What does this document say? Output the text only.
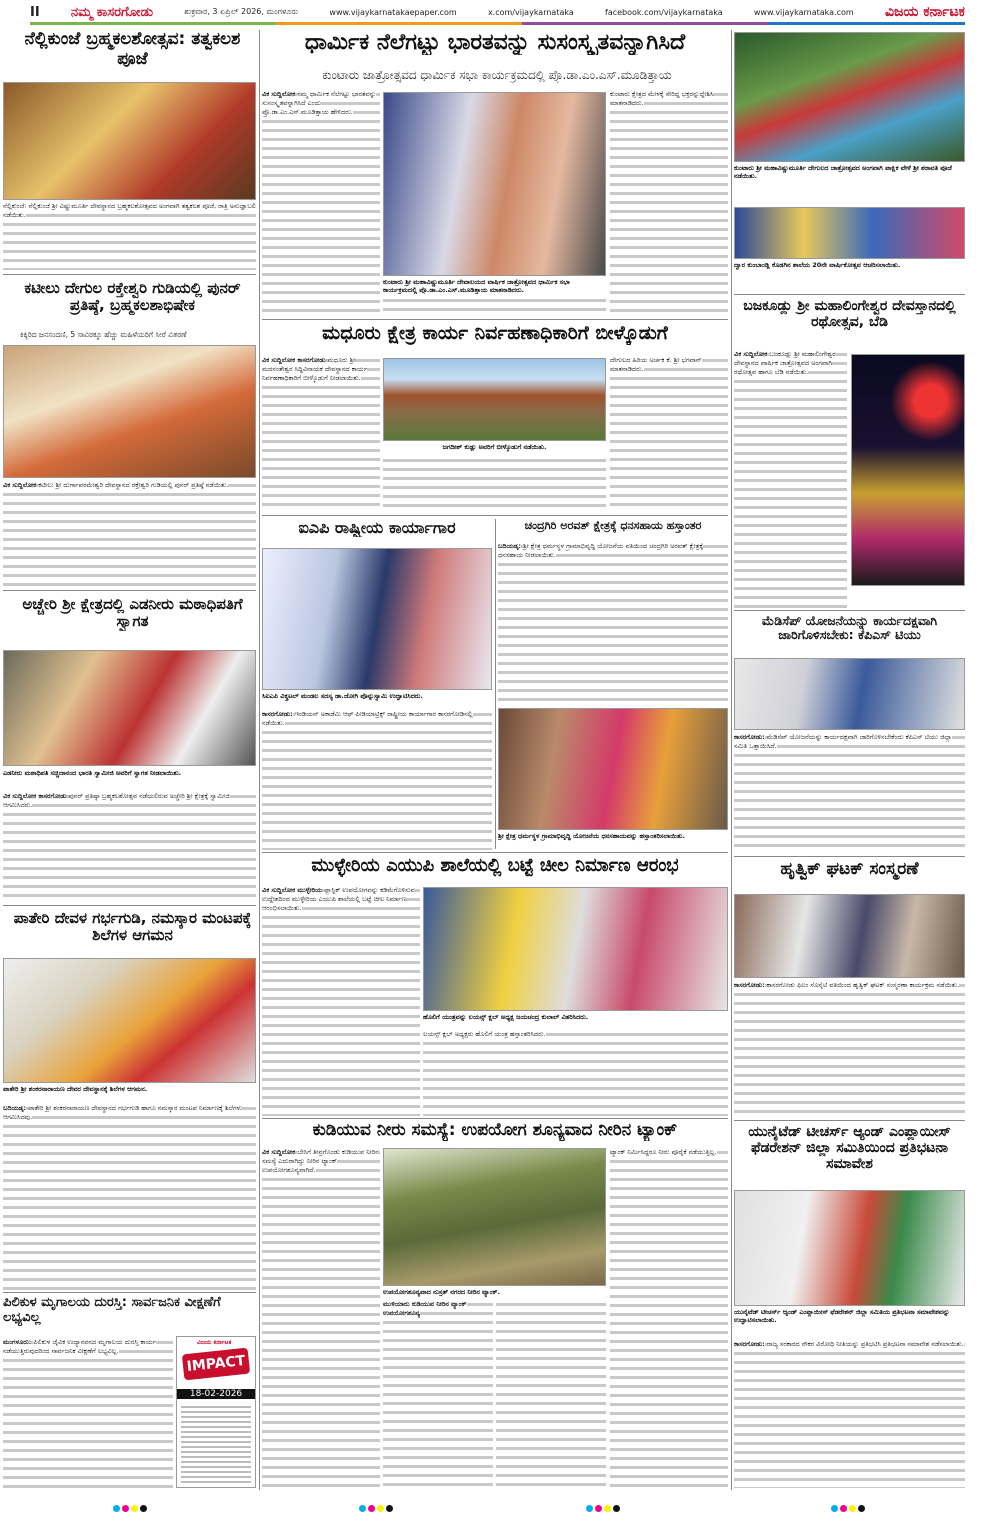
II ನಮ್ಮ ಕಾಸರಗೋಡು	ಶುಕ್ರವಾರ, 3 ಏಪ್ರಿಲ್ 2026, ಮಂಗಳೂರು	www.vijaykarnatakaepaper.com	x.com/vijaykarnataka	facebook.com/vijaykarnataka	www.vijaykarnataka.com ವಿಜಯ ಕರ್ನಾಟಕ
ನೆಲ್ಲಿಕುಂಜೆ ಬ್ರಹ್ಮಕಲಶೋತ್ಸವ: ತತ್ವಕಲಶ ಪೂಜೆ
ನೆಲ್ಲಿಕುಂಜೆ: ನೆಲ್ಲಿಕುಂಜೆ ಶ್ರೀ ವಿಷ್ಣುಮೂರ್ತಿ ದೇವಸ್ಥಾನದ ಬ್ರಹ್ಮಕಲಶೋತ್ಸವದ ಅಂಗವಾಗಿ ತತ್ವಕಲಶ ಪೂಜೆ, ರಾತ್ರಿ ಅನುಜ್ಞಾಬಲಿ ನಡೆಯಿತು.
ಕಟೀಲು ದೇಗುಲ ರಕ್ತೇಶ್ವರಿ ಗುಡಿಯಲ್ಲಿ ಪುನರ್ ಪ್ರತಿಷ್ಠೆ, ಬ್ರಹ್ಮಕಲಶಾಭಿಷೇಕ
ಕಿಕ್ಕಿರಿದ ಜನಸಂದಣಿ, 5 ಸಾವಿರಕ್ಕೂ ಹೆಚ್ಚು ಮಹಿಳೆಯರಿಗೆ ಸೀರೆ ವಿತರಣೆ
ವಿಕ ಸುದ್ದಿಲೋಕ ಕಟೀಲು ಶ್ರೀ ದುರ್ಗಾಪರಮೇಶ್ವರಿ ದೇವಸ್ಥಾನದ ರಕ್ತೇಶ್ವರಿ ಗುಡಿಯಲ್ಲಿ ಪುನರ್ ಪ್ರತಿಷ್ಠೆ ನಡೆಯಿತು.
ಅಚ್ಚೇರಿ ಶ್ರೀ ಕ್ಷೇತ್ರದಲ್ಲಿ ಎಡನೀರು ಮಠಾಧಿಪತಿಗೆ ಸ್ವಾಗತ
ಎಡನೀರು ಮಠಾಧಿಪತಿ ಸಚ್ಚಿದಾನಂದ ಭಾರತಿ ಸ್ವಾಮೀಜಿ ಅವರಿಗೆ ಸ್ವಾಗತ ನೀಡಲಾಯಿತು.
ವಿಕ ಸುದ್ದಿಲೋಕ ಕಾಸರಗೋಡು ಪುನರ್ ಪ್ರತಿಷ್ಠಾ ಬ್ರಹ್ಮಕಲಶೋತ್ಸವ ನಡೆಯಲಿರುವ ಅಚ್ಚೇರಿ ಶ್ರೀ ಕ್ಷೇತ್ರಕ್ಕೆ ಸ್ವಾಮೀಜಿ ಆಗಮಿಸಿದರು.
ಪಾತೇರಿ ದೇವಳ ಗರ್ಭಗುಡಿ, ನಮಸ್ಕಾರ ಮಂಟಪಕ್ಕೆ ಶಿಲೆಗಳ ಆಗಮನ
ಪಾತೇರಿ ಶ್ರೀ ಶಂಕರನಾರಾಯಣ ದೇವರ ದೇವಸ್ಥಾನಕ್ಕೆ ಶಿಲೆಗಳ ಆಗಮನ.
ಬದಿಯಡ್ಕ: ಪಾತೇರಿ ಶ್ರೀ ಶಂಕರನಾರಾಯಣ ದೇವಸ್ಥಾನದ ಗರ್ಭಗುಡಿ ಹಾಗೂ ನಮಸ್ಕಾರ ಮಂಟಪ ನಿರ್ಮಾಣಕ್ಕೆ ಶಿಲೆಗಳು ಆಗಮಿಸಿದವು.
ಪಿಲಿಕುಳ ಮೃಗಾಲಯ ದುರಸ್ತಿ: ಸಾರ್ವಜನಿಕ ವೀಕ್ಷಣೆಗೆ ಲಭ್ಯವಿಲ್ಲ
ಮಂಗಳೂರು: ಪಿಲಿಕುಳ ಜೈವಿಕ ಉದ್ಯಾನವನದ ಮೃಗಾಲಯ ದುರಸ್ತಿ ಕಾರ್ಯ ನಡೆಯುತ್ತಿರುವುದರಿಂದ ಸಾರ್ವಜನಿಕ ವೀಕ್ಷಣೆಗೆ ಲಭ್ಯವಿಲ್ಲ.
ವಿಜಯ ಕರ್ನಾಟಕ
IMPACT
18-02-2026
ಧಾರ್ಮಿಕ ನೆಲೆಗಟ್ಟು ಭಾರತವನ್ನು ಸುಸಂಸ್ಕೃತವನ್ನಾಗಿಸಿದೆ
ಕುಂಟಾರು ಜಾತ್ರೋತ್ಸವದ ಧಾರ್ಮಿಕ ಸಭಾ ಕಾರ್ಯಕ್ರಮದಲ್ಲಿ ಪ್ರೊ.ಡಾ.ಎಂ.ಎಸ್.ಮೂಡಿತ್ತಾಯ
ವಿಕ ಸುದ್ದಿಲೋಕ ನಮ್ಮ ಧಾರ್ಮಿಕ ನೆಲೆಗಟ್ಟು ಭಾರತವನ್ನು ಸುಸಂಸ್ಕೃತವನ್ನಾಗಿಸಿದೆ ಎಂದು ಪ್ರೊ.ಡಾ.ಎಂ.ಎಸ್.ಮೂಡಿತ್ತಾಯ ಹೇಳಿದರು.
ಕುಂಟಾರು ಶ್ರೀ ಮಹಾವಿಷ್ಣುಮೂರ್ತಿ ದೇವಾಲಯದ ವಾರ್ಷಿಕ ಜಾತ್ರೋತ್ಸವದ ಧಾರ್ಮಿಕ ಸಭಾ ಕಾರ್ಯಕ್ರಮದಲ್ಲಿ ಪ್ರೊ.ಡಾ.ಎಂ.ಎಸ್.ಮೂಡಿತ್ತಾಯ ಮಾತನಾಡಿದರು.
ಕುಂಟಾರು ಕ್ಷೇತ್ರದ ಮೇಳಕ್ಕೆ ಸೇರಿದ್ದ ಭಕ್ತರನ್ನುದ್ದೇಶಿಸಿ ಮಾತನಾಡಿದರು.
ಮಧೂರು ಕ್ಷೇತ್ರ ಕಾರ್ಯ ನಿರ್ವಹಣಾಧಿಕಾರಿಗೆ ಬೀಳ್ಕೊಡುಗೆ
ವಿಕ ಸುದ್ದಿಲೋಕ ಕಾಸರಗೋಡು ಮಧೂರು ಶ್ರೀ ಮದನಂತೇಶ್ವರ ಸಿದ್ಧಿವಿನಾಯಕ ದೇವಸ್ಥಾನದ ಕಾರ್ಯ ನಿರ್ವಹಣಾಧಿಕಾರಿಗೆ ಬೀಳ್ಕೊಡುಗೆ ನೀಡಲಾಯಿತು.
ಜಗದೀಶ್ ಕುಡ್ಲು ಅವರಿಗೆ ಬೀಳ್ಕೊಡುಗೆ ನಡೆಯಿತು.
ದೇಗುಲದ ಹಿರಿಯ ಅರ್ಚಕ ಕೆ. ಶ್ರೀ ಭಗವಾನ್ ಮಾತನಾಡಿದರು.
ಐಎಪಿ ರಾಷ್ಟ್ರೀಯ ಕಾರ್ಯಾಗಾರ
ಸಿಐಎಪಿ ವಿಕ್ಕ್ರಟಲ್ ಮಂಡಲ ಸದಸ್ಯ ಡಾ.ಜೋಗಿ ಪೊನ್ನುಸ್ವಾಮಿ ಉದ್ಘಾಟಿಸಿದರು.
ಕಾಸರಗೋಡು: ಇಂಡಿಯನ್ ಅಕಾಡೆಮಿ ಆಫ್ ಪೀಡಿಯಾಟ್ರಿಕ್ಸ್ ರಾಷ್ಟ್ರೀಯ ಕಾರ್ಯಾಗಾರ ಕಾಸರಗೋಡಿನಲ್ಲಿ ನಡೆಯಿತು.
ಚಂದ್ರಗಿರಿ ಅರವತ್ ಕ್ಷೇತ್ರಕ್ಕೆ ಧನಸಹಾಯ ಹಸ್ತಾಂತರ
ಬದಿಯಡ್ಕ: ಶ್ರೀ ಕ್ಷೇತ್ರ ಧರ್ಮಸ್ಥಳ ಗ್ರಾಮಾಭಿವೃದ್ಧಿ ಯೋಜನೆಯ ವತಿಯಿಂದ ಚಂದ್ರಗಿರಿ ಅರವತ್ ಕ್ಷೇತ್ರಕ್ಕೆ ಧನಸಹಾಯ ನೀಡಲಾಯಿತು.
ಶ್ರೀ ಕ್ಷೇತ್ರ ಧರ್ಮಸ್ಥಳ ಗ್ರಾಮಾಭಿವೃದ್ಧಿ ಯೋಜನೆಯ ಧನಸಹಾಯವನ್ನು ಹಸ್ತಾಂತರಿಸಲಾಯಿತು.
ಮುಳ್ಳೇರಿಯ ಎಯುಪಿ ಶಾಲೆಯಲ್ಲಿ ಬಟ್ಟೆ ಚೀಲ ನಿರ್ಮಾಣ ಆರಂಭ
ವಿಕ ಸುದ್ದಿಲೋಕ ಮುಳ್ಳೇರಿಯ ಪ್ಲಾಸ್ಟಿಕ್ ಉಪಯೋಗವನ್ನು ಕಡಿಮೆಗೊಳಿಸುವ ಉದ್ದೇಶದಿಂದ ಮುಳ್ಳೇರಿಯ ಎಯುಪಿ ಶಾಲೆಯಲ್ಲಿ ಬಟ್ಟೆ ಚೀಲ ನಿರ್ಮಾಣ ಆರಂಭಿಸಲಾಯಿತು.
ಹೊಲಿಗೆ ಯಂತ್ರವನ್ನು ಲಯನ್ಸ್ ಕ್ಲಬ್ ಅಧ್ಯಕ್ಷ ಜಯಚಂದ್ರ ಕುಲಾಲ್ ವಿತರಿಸಿದರು.
ಲಯನ್ಸ್ ಕ್ಲಬ್ ಅಧ್ಯಕ್ಷರು ಹೊಲಿಗೆ ಯಂತ್ರ ಹಸ್ತಾಂತರಿಸಿದರು.
ಕುಡಿಯುವ ನೀರು ಸಮಸ್ಯೆ: ಉಪಯೋಗ ಶೂನ್ಯವಾದ ನೀರಿನ ಟ್ಯಾಂಕ್
ವಿಕ ಸುದ್ದಿಲೋಕ ಬೇಸಿಗೆ ತೀವ್ರಗೊಂಡು ಕುಡಿಯುವ ನೀರಿನ ಸಮಸ್ಯೆ ಎದುರಾಗಿದ್ದು ನೀರಿನ ಟ್ಯಾಂಕ್ ಉಪಯೋಗಶೂನ್ಯವಾಗಿದೆ.
ಉಪಯೋಗಶೂನ್ಯವಾದ ನುಸ್ರತ್ ನಗರದ ನೀರಿನ ಟ್ಯಾಂಕ್.
ಮುಳಿಯಾರು ಕುಡಿಯುವ ನೀರಿನ ಟ್ಯಾಂಕ್ ಉಪಯೋಗಶೂನ್ಯ
ಟ್ಯಾಂಕ್ ನಿರ್ಮಿಸಿದ್ದರೂ ನೀರು ಪೂರೈಕೆ ನಡೆಯುತ್ತಿಲ್ಲ.
ಕುಂಟಾರು ಶ್ರೀ ಮಹಾವಿಷ್ಣುಮೂರ್ತಿ ದೇಗುಲದ ಜಾತ್ರೋತ್ಸವದ ಅಂಗವಾಗಿ ಪಾಕ್ಷಿಕ ವೇಳೆ ಶ್ರೀ ಶರಾವತಿ ಪೂಜೆ ನಡೆಯಿತು.
ದ್ವಾರ ಕುಂಬಾಂಡ್ಲಿ ಕೊಡಗಿನ ಶಾಲೆಯ 20ನೇ ವಾರ್ಷಿಕೋತ್ಸವ ಆಚರಿಸಲಾಯಿತು.
ಬಜಕೂಡ್ಲು ಶ್ರೀ ಮಹಾಲಿಂಗೇಶ್ವರ ದೇವಸ್ತಾನದಲ್ಲಿ ರಥೋತ್ಸವ, ಬೆಡಿ
ವಿಕ ಸುದ್ದಿಲೋಕ ಬಜಕೂಡ್ಲು ಶ್ರೀ ಮಹಾಲಿಂಗೇಶ್ವರ ದೇವಸ್ಥಾನದ ವಾರ್ಷಿಕ ಜಾತ್ರೋತ್ಸವದ ಅಂಗವಾಗಿ ರಥೋತ್ಸವ ಹಾಗೂ ಬೆಡಿ ನಡೆಯಿತು.
ಮೆಡಿಸೆಪ್ ಯೋಜನೆಯನ್ನು ಕಾರ್ಯದಕ್ಷವಾಗಿ ಜಾರಿಗೊಳಿಸಬೇಕು: ಕೆಪಿಎಸ್ ಟಿಯು
ಕಾಸರಗೋಡು: ಮೆಡಿಸೆಪ್ ಯೋಜನೆಯನ್ನು ಕಾರ್ಯದಕ್ಷವಾಗಿ ಜಾರಿಗೊಳಿಸಬೇಕೆಂದು ಕೆಪಿಎಸ್ ಟಿಯು ಜಿಲ್ಲಾ ಸಮಿತಿ ಒತ್ತಾಯಿಸಿದೆ.
ಹೃತ್ವಿಕ್ ಘಟಕ್ ಸಂಸ್ಮರಣೆ
ಕಾಸರಗೋಡು: ಕಾಸರಗೋಡು ಫಿಲಂ ಸೊಸೈಟಿ ವತಿಯಿಂದ ಹೃತ್ವಿಕ್ ಘಟಕ್ ಸಂಸ್ಮರಣಾ ಕಾರ್ಯಕ್ರಮ ನಡೆಯಿತು.
ಯುನೈಟೆಡ್ ಟೀಚರ್ಸ್ ಆ್ಯಂಡ್ ಎಂಪ್ಲಾಯೀಸ್ ಫೆಡರೇಶನ್ ಜಿಲ್ಲಾ ಸಮಿತಿಯಿಂದ ಪ್ರತಿಭಟನಾ ಸಮಾವೇಶ
ಯುನೈಟೆಡ್ ಟೀಚರ್ಸ್ ಆ್ಯಂಡ್ ಎಂಪ್ಲಾಯೀಸ್ ಫೆಡರೇಶನ್ ಜಿಲ್ಲಾ ಸಮಿತಿಯ ಪ್ರತಿಭಟನಾ ಸಮಾವೇಶವನ್ನು ಉದ್ಘಾಟಿಸಲಾಯಿತು.
ಕಾಸರಗೋಡು: ರಾಜ್ಯ ಸರಕಾರದ ನೌಕರ ವಿರೋಧಿ ನೀತಿಯನ್ನು ಪ್ರತಿಭಟಿಸಿ ಪ್ರತಿಭಟನಾ ಸಮಾವೇಶ ನಡೆಸಲಾಯಿತು.
